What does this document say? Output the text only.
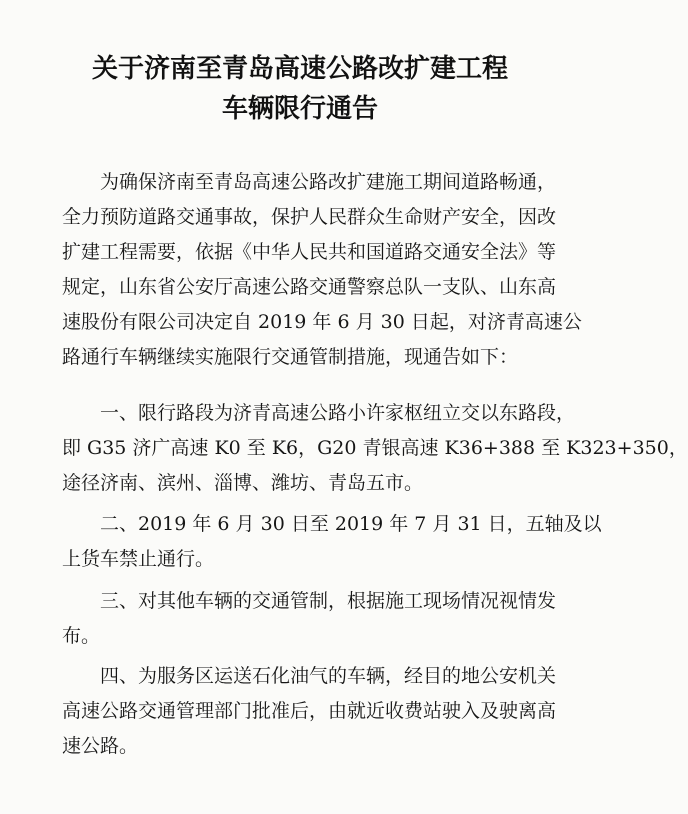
关于济南至青岛高速公路改扩建工程
车辆限行通告
为确保济南至青岛高速公路改扩建施工期间道路畅通，
全力预防道路交通事故，保护人民群众生命财产安全，因改
扩建工程需要，依据《中华人民共和国道路交通安全法》等
规定，山东省公安厅高速公路交通警察总队一支队、山东高
速股份有限公司决定自 2019 年 6 月 30 日起，对济青高速公
路通行车辆继续实施限行交通管制措施，现通告如下：
一、限行路段为济青高速公路小许家枢纽立交以东路段，
即 G35 济广高速 K0 至 K6，G20 青银高速 K36+388 至 K323+350，
途径济南、滨州、淄博、潍坊、青岛五市。
二、2019 年 6 月 30 日至 2019 年 7 月 31 日，五轴及以
上货车禁止通行。
三、对其他车辆的交通管制，根据施工现场情况视情发
布。
四、为服务区运送石化油气的车辆，经目的地公安机关
高速公路交通管理部门批准后，由就近收费站驶入及驶离高
速公路。
